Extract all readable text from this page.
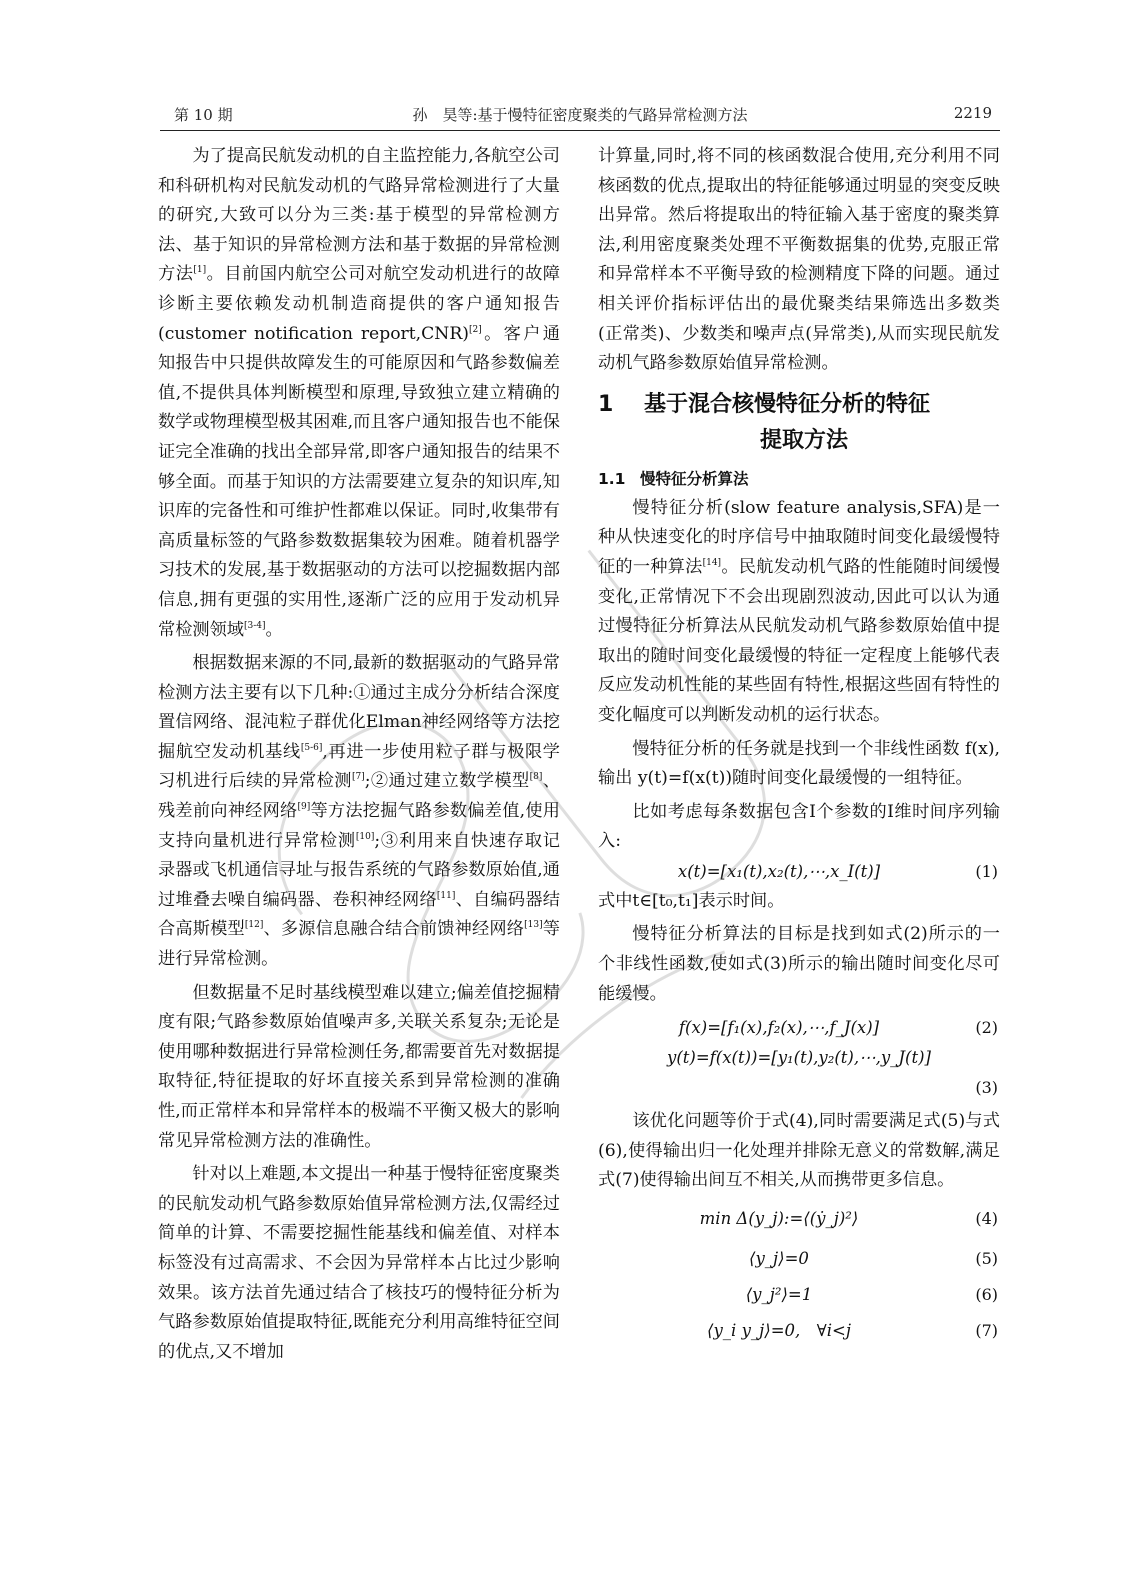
第 10 期	孙　昊等:基于慢特征密度聚类的气路异常检测方法	2219

为了提高民航发动机的自主监控能力,各航空公司和科研机构对民航发动机的气路异常检测进行了大量的研究,大致可以分为三类:基于模型的异常检测方法、基于知识的异常检测方法和基于数据的异常检测方法[1]。目前国内航空公司对航空发动机进行的故障诊断主要依赖发动机制造商提供的客户通知报告(customer notification report,CNR)[2]。客户通知报告中只提供故障发生的可能原因和气路参数偏差值,不提供具体判断模型和原理,导致独立建立精确的数学或物理模型极其困难,而且客户通知报告也不能保证完全准确的找出全部异常,即客户通知报告的结果不够全面。而基于知识的方法需要建立复杂的知识库,知识库的完备性和可维护性都难以保证。同时,收集带有高质量标签的气路参数数据集较为困难。随着机器学习技术的发展,基于数据驱动的方法可以挖掘数据内部信息,拥有更强的实用性,逐渐广泛的应用于发动机异常检测领域[3-4]。

根据数据来源的不同,最新的数据驱动的气路异常检测方法主要有以下几种:①通过主成分分析结合深度置信网络、混沌粒子群优化Elman神经网络等方法挖掘航空发动机基线[5-6],再进一步使用粒子群与极限学习机进行后续的异常检测[7];②通过建立数学模型[8]、残差前向神经网络[9]等方法挖掘气路参数偏差值,使用支持向量机进行异常检测[10];③利用来自快速存取记录器或飞机通信寻址与报告系统的气路参数原始值,通过堆叠去噪自编码器、卷积神经网络[11]、自编码器结合高斯模型[12]、多源信息融合结合前馈神经网络[13]等进行异常检测。

但数据量不足时基线模型难以建立;偏差值挖掘精度有限;气路参数原始值噪声多,关联关系复杂;无论是使用哪种数据进行异常检测任务,都需要首先对数据提取特征,特征提取的好坏直接关系到异常检测的准确性,而正常样本和异常样本的极端不平衡又极大的影响常见异常检测方法的准确性。

针对以上难题,本文提出一种基于慢特征密度聚类的民航发动机气路参数原始值异常检测方法,仅需经过简单的计算、不需要挖掘性能基线和偏差值、对样本标签没有过高需求、不会因为异常样本占比过少影响效果。该方法首先通过结合了核技巧的慢特征分析为气路参数原始值提取特征,既能充分利用高维特征空间的优点,又不增加

计算量,同时,将不同的核函数混合使用,充分利用不同核函数的优点,提取出的特征能够通过明显的突变反映出异常。然后将提取出的特征输入基于密度的聚类算法,利用密度聚类处理不平衡数据集的优势,克服正常和异常样本不平衡导致的检测精度下降的问题。通过相关评价指标评估出的最优聚类结果筛选出多数类(正常类)、少数类和噪声点(异常类),从而实现民航发动机气路参数原始值异常检测。

1 基于混合核慢特征分析的特征
提取方法
1.1 慢特征分析算法

慢特征分析(slow feature analysis,SFA)是一种从快速变化的时序信号中抽取随时间变化最缓慢特征的一种算法[14]。民航发动机气路的性能随时间缓慢变化,正常情况下不会出现剧烈波动,因此可以认为通过慢特征分析算法从民航发动机气路参数原始值中提取出的随时间变化最缓慢的特征一定程度上能够代表反应发动机性能的某些固有特性,根据这些固有特性的变化幅度可以判断发动机的运行状态。

慢特征分析的任务就是找到一个非线性函数 f(x),输出 y(t)=f(x(t))随时间变化最缓慢的一组特征。

比如考虑每条数据包含I个参数的I维时间序列输入:

x(t)=[x₁(t),x₂(t),⋯,x_I(t)]	(1)

式中t∈[t₀,t₁]表示时间。

慢特征分析算法的目标是找到如式(2)所示的一个非线性函数,使如式(3)所示的输出随时间变化尽可能缓慢。

f(x)=[f₁(x),f₂(x),⋯,f_J(x)]	(2)
y(t)=f(x(t))=[y₁(t),y₂(t),⋯,y_J(t)]
(3)

该优化问题等价于式(4),同时需要满足式(5)与式(6),使得输出归一化处理并排除无意义的常数解,满足式(7)使得输出间互不相关,从而携带更多信息。

min Δ(y_j):=⟨(ẏ_j)²⟩	(4)
⟨y_j⟩=0	(5)
⟨y_j²⟩=1	(6)
⟨y_i y_j⟩=0,　∀i<j	(7)
